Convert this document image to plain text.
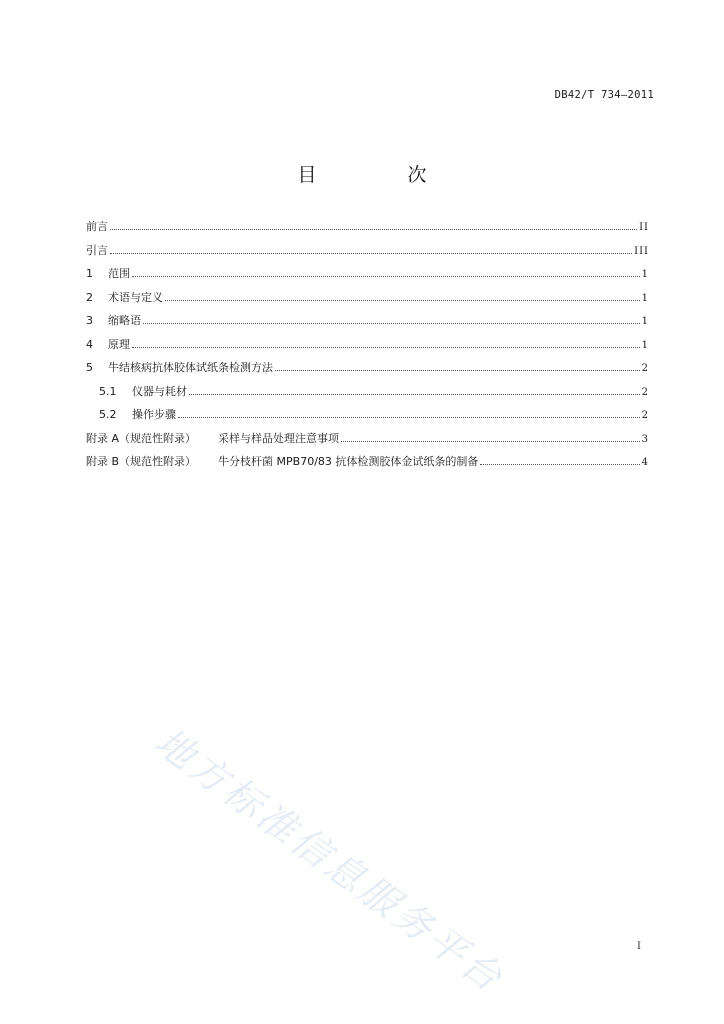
DB42/T 734—2011
目　次
前言	II
引言	III
1	范围	1
2	术语与定义	1
3	缩略语	1
4	原理	1
5	牛结核病抗体胶体试纸条检测方法	2
5.1	仪器与耗材	2
5.2	操作步骤	2
附录 A（规范性附录） 采样与样品处理注意事项	3
附录 B（规范性附录） 牛分枝杆菌 MPB70/83 抗体检测胶体金试纸条的制备	4
地方标准信息服务平台	I
